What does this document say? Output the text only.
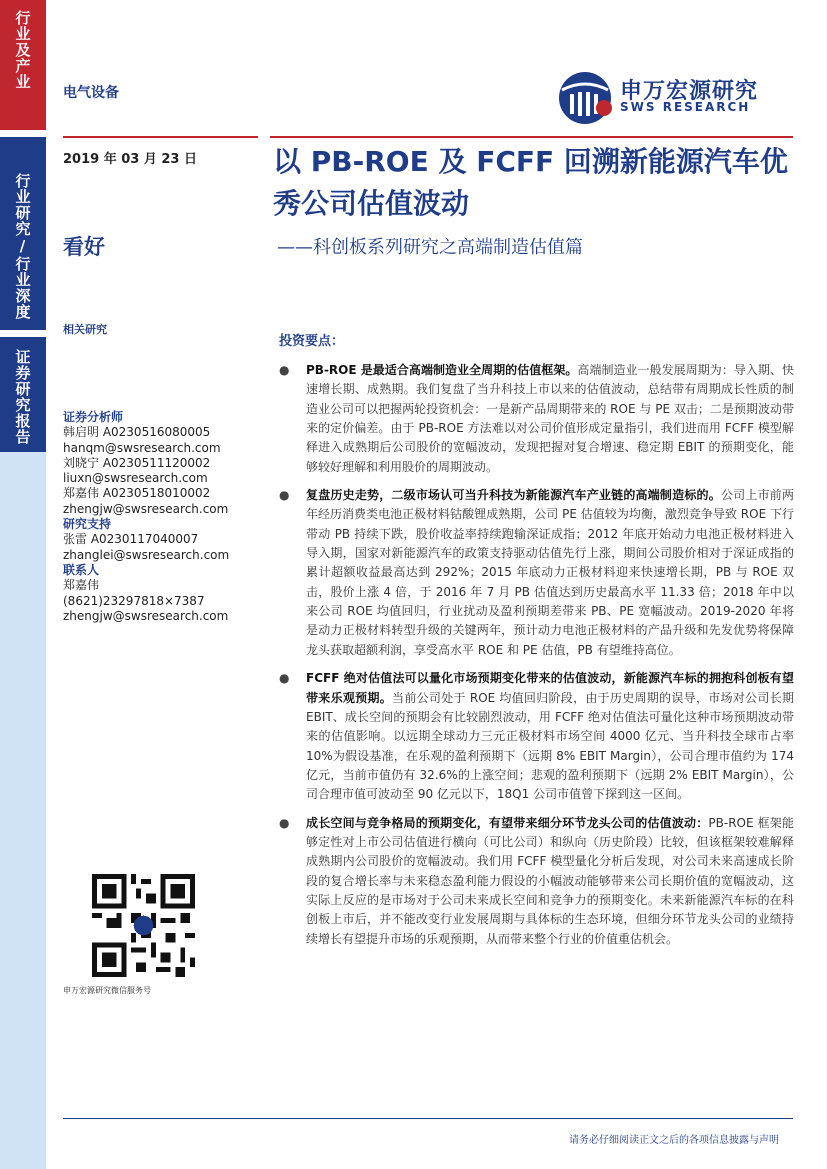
行业及产业
行业研究/行业深度
证券研究报告
电气设备	申万宏源研究
SWS RESEARCH
2019 年 03 月 23 日
看好
以 PB-ROE 及 FCFF 回溯新能源汽车优秀公司估值波动
——科创板系列研究之高端制造估值篇
相关研究
证券分析师
韩启明 A0230516080005
hanqm@swsresearch.com
刘晓宁 A0230511120002
liuxn@swsresearch.com
郑嘉伟 A0230518010002
zhengjw@swsresearch.com
研究支持
张雷 A0230117040007
zhanglei@swsresearch.com
联系人
郑嘉伟
(8621)23297818×7387
zhengjw@swsresearch.com
投资要点：
● PB-ROE 是最适合高端制造业全周期的估值框架。高端制造业一般发展周期为：导入期、快速增长期、成熟期。我们复盘了当升科技上市以来的估值波动，总结带有周期成长性质的制造业公司可以把握两轮投资机会：一是新产品周期带来的 ROE 与 PE 双击；二是预期波动带来的定价偏差。由于 PB-ROE 方法难以对公司价值形成定量指引，我们进而用 FCFF 模型解释进入成熟期后公司股价的宽幅波动，发现把握对复合增速、稳定期 EBIT 的预期变化，能够较好理解和利用股价的周期波动。
● 复盘历史走势，二级市场认可当升科技为新能源汽车产业链的高端制造标的。公司上市前两年经历消费类电池正极材料钴酸锂成熟期，公司 PE 估值较为均衡，激烈竞争导致 ROE 下行带动 PB 持续下跌，股价收益率持续跑输深证成指；2012 年底开始动力电池正极材料进入导入期，国家对新能源汽车的政策支持驱动估值先行上涨，期间公司股价相对于深证成指的累计超额收益最高达到 292%；2015 年底动力正极材料迎来快速增长期，PB 与 ROE 双击，股价上涨 4 倍，于 2016 年 7 月 PB 估值达到历史最高水平 11.33 倍；2018 年中以来公司 ROE 均值回归，行业扰动及盈利预期差带来 PB、PE 宽幅波动。2019-2020 年将是动力正极材料转型升级的关键两年，预计动力电池正极材料的产品升级和先发优势将保障龙头获取超额利润，享受高水平 ROE 和 PE 估值，PB 有望维持高位。
● FCFF 绝对估值法可以量化市场预期变化带来的估值波动，新能源汽车标的拥抱科创板有望带来乐观预期。当前公司处于 ROE 均值回归阶段，由于历史周期的误导，市场对公司长期 EBIT、成长空间的预期会有比较剧烈波动，用 FCFF 绝对估值法可量化这种市场预期波动带来的估值影响。以远期全球动力三元正极材料市场空间 4000 亿元、当升科技全球市占率 10%为假设基准，在乐观的盈利预期下（远期 8% EBIT Margin），公司合理市值约为 174 亿元，当前市值仍有 32.6%的上涨空间；悲观的盈利预期下（远期 2% EBIT Margin），公司合理市值可波动至 90 亿元以下，18Q1 公司市值曾下探到这一区间。
● 成长空间与竞争格局的预期变化，有望带来细分环节龙头公司的估值波动：PB-ROE 框架能够定性对上市公司估值进行横向（可比公司）和纵向（历史阶段）比较，但该框架较难解释成熟期内公司股价的宽幅波动。我们用 FCFF 模型量化分析后发现，对公司未来高速成长阶段的复合增长率与未来稳态盈利能力假设的小幅波动能够带来公司长期价值的宽幅波动，这实际上反应的是市场对于公司未来成长空间和竞争力的预期变化。未来新能源汽车标的在科创板上市后，并不能改变行业发展周期与具体标的生态环境，但细分环节龙头公司的业绩持续增长有望提升市场的乐观预期，从而带来整个行业的价值重估机会。
申万宏源研究微信服务号
请务必仔细阅读正文之后的各项信息披露与声明
